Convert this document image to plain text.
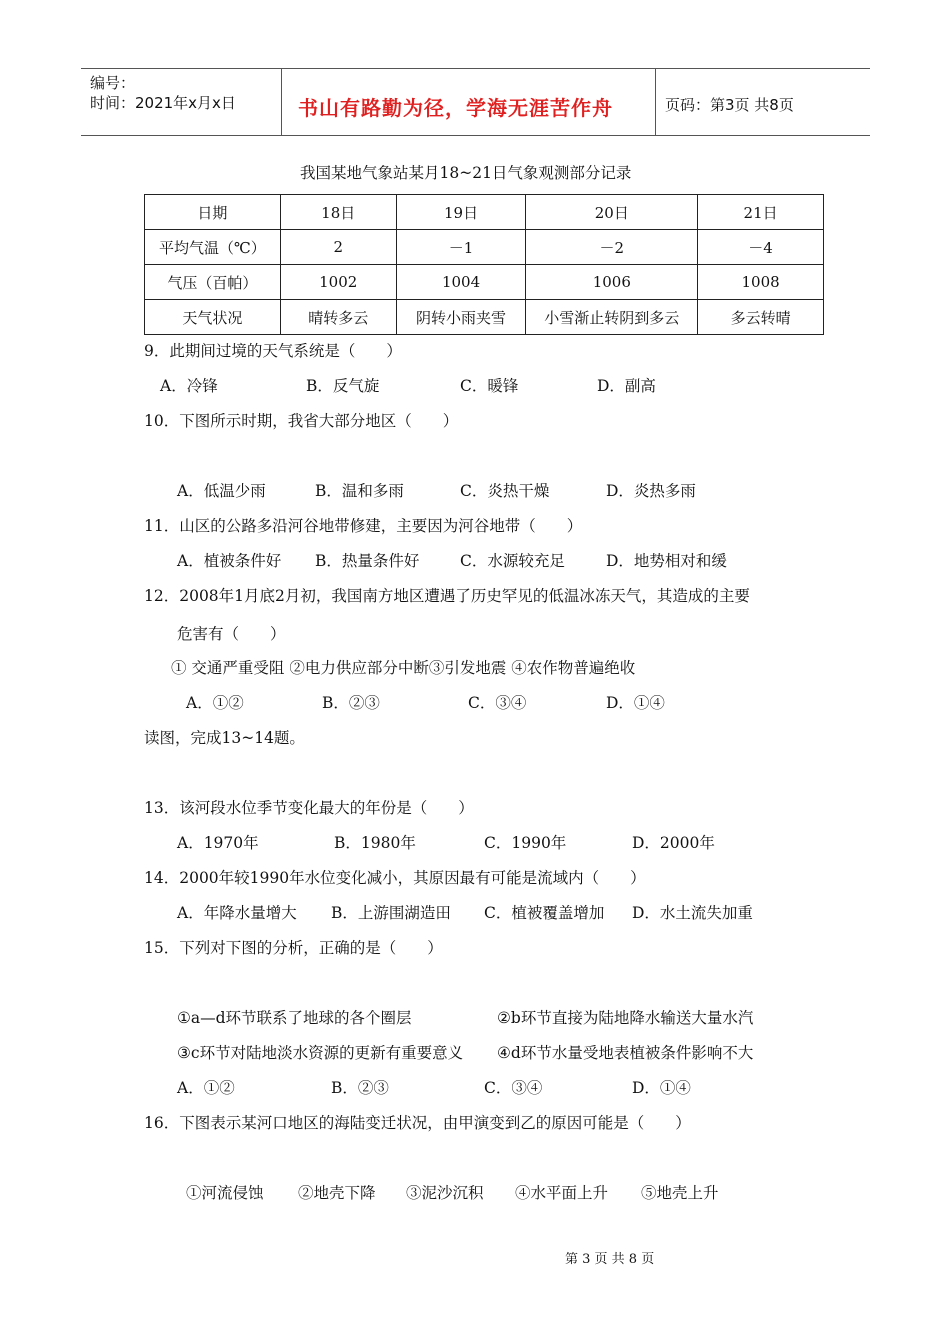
编号：
时间：2021年x月x日	书山有路勤为径，学海无涯苦作舟	页码：第3页 共8页
我国某地气象站某月18~21日气象观测部分记录
日期	18日	19日	20日	21日
平均气温（℃）	2	－1	－2	－4
气压（百帕）	1002	1004	1006	1008
天气状况	晴转多云	阴转小雨夹雪	小雪渐止转阴到多云	多云转晴
9．此期间过境的天气系统是（　　）
A．冷锋	B．反气旋	C．暖锋	D．副高
10．下图所示时期，我省大部分地区（　　）
A．低温少雨	B．温和多雨	C．炎热干燥	D．炎热多雨
11．山区的公路多沿河谷地带修建，主要因为河谷地带（　　）
A．植被条件好 B．热量条件好	C．水源较充足	D．地势相对和缓
12．2008年1月底2月初，我国南方地区遭遇了历史罕见的低温冰冻天气，其造成的主要
危害有（　　）
① 交通严重受阻 ②电力供应部分中断③引发地震 ④农作物普遍绝收
A．①②	B．②③	C．③④	D．①④
读图，完成13~14题。
13．该河段水位季节变化最大的年份是（　　）
A．1970年	B．1980年	C．1990年	D．2000年
14．2000年较1990年水位变化减小，其原因最有可能是流域内（　　）
A．年降水量增大 B．上游围湖造田 C．植被覆盖增加 D．水土流失加重
15．下列对下图的分析，正确的是（　　）
①a—d环节联系了地球的各个圈层	②b环节直接为陆地降水输送大量水汽
③c环节对陆地淡水资源的更新有重要意义 ④d环节水量受地表植被条件影响不大
A．①②	B．②③	C．③④	D．①④
16．下图表示某河口地区的海陆变迁状况，由甲演变到乙的原因可能是（　　）
①河流侵蚀 ②地壳下降 ③泥沙沉积 ④水平面上升 ⑤地壳上升
第 3 页 共 8 页
